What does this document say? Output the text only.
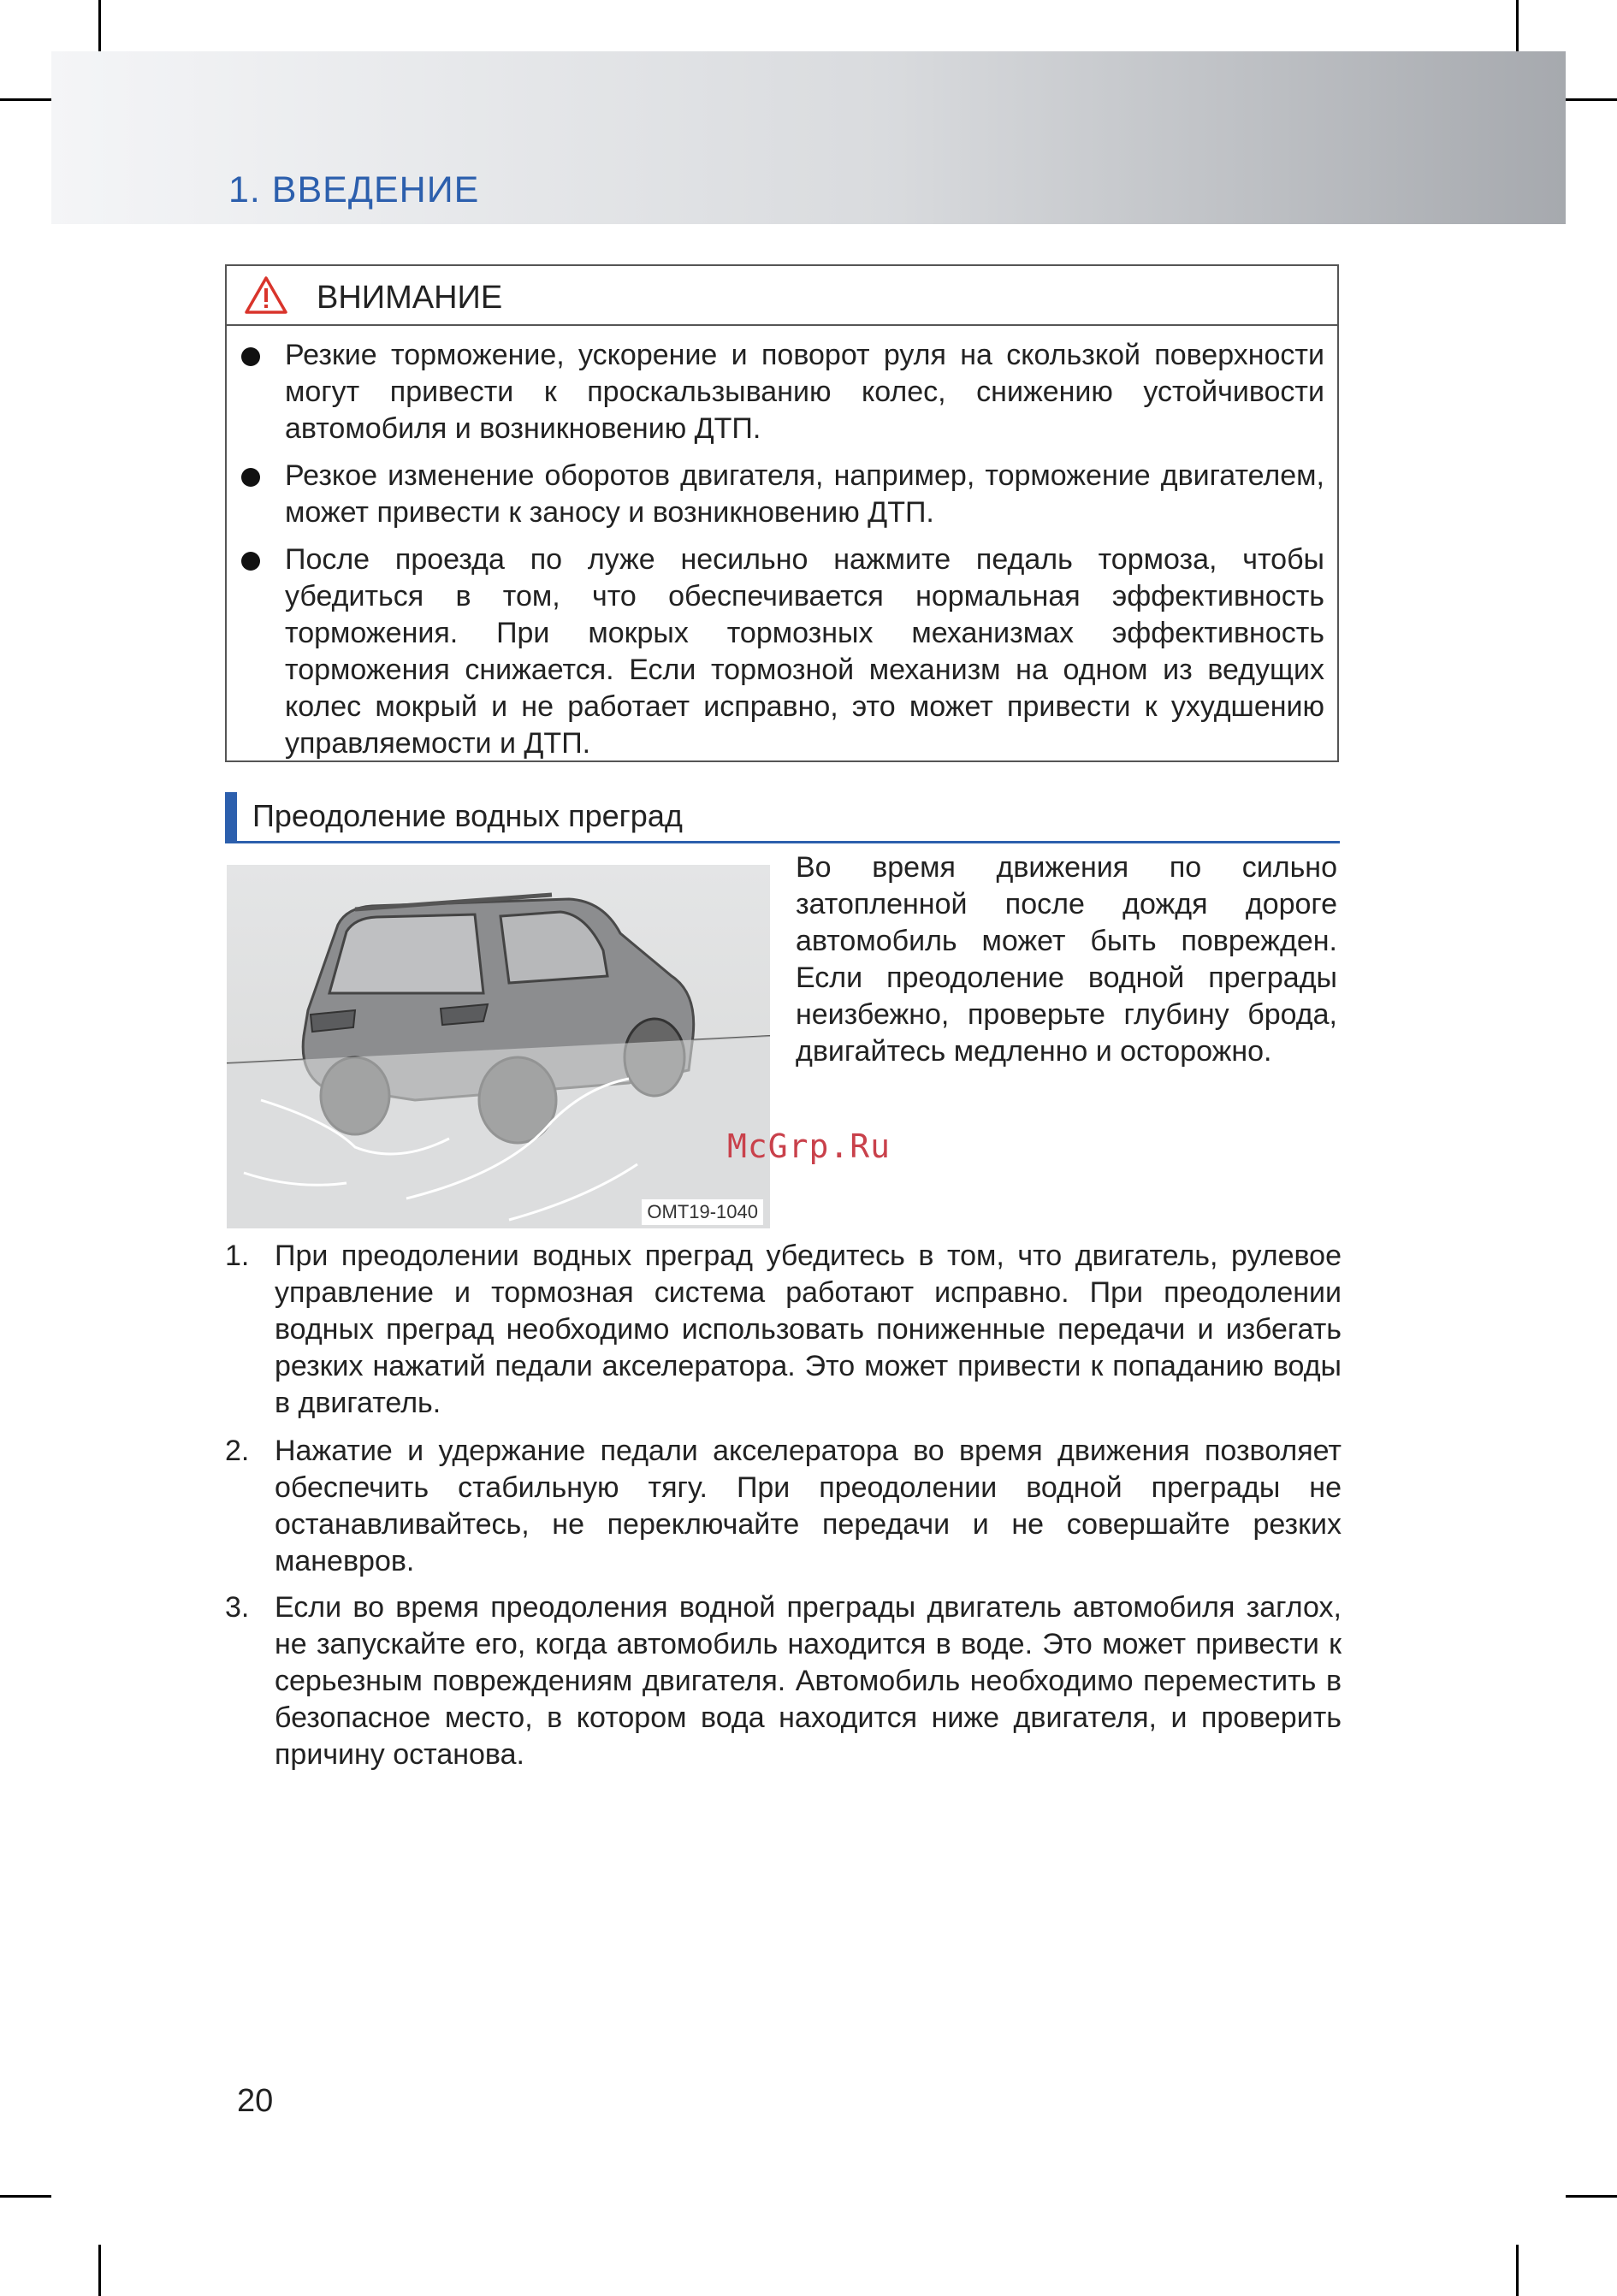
1. ВВЕДЕНИЕ
ВНИМАНИЕ
Резкие торможение, ускорение и поворот руля на скользкой поверхности могут привести к проскальзыванию колес, снижению устойчивости автомобиля и возникновению ДТП.
Резкое изменение оборотов двигателя, например, торможение двигателем, может привести к заносу и возникновению ДТП.
После проезда по луже несильно нажмите педаль тормоза, чтобы убедиться в том, что обеспечивается нормальная эффективность торможения. При мокрых тормозных механизмах эффективность торможения снижается. Если тормозной механизм на одном из ведущих колес мокрый и не работает исправно, это может привести к ухудшению управляемости и ДТП.
Преодоление водных преград
OMT19-1040
Во время движения по сильно затопленной после дождя дороге автомобиль может быть поврежден. Если преодоление водной преграды неизбежно, проверьте глубину брода, двигайтесь медленно и осторожно.
McGrp.Ru
1. При преодолении водных преград убедитесь в том, что двигатель, рулевое управление и тормозная система работают исправно. При преодолении водных преград необходимо использовать пониженные передачи и избегать резких нажатий педали акселератора. Это может привести к попаданию воды в двигатель.
2. Нажатие и удержание педали акселератора во время движения позволяет обеспечить стабильную тягу. При преодолении водной преграды не останавливайтесь, не переключайте передачи и не совершайте резких маневров.
3. Если во время преодоления водной преграды двигатель автомобиля заглох, не запускайте его, когда автомобиль находится в воде. Это может привести к серьезным повреждениям двигателя. Автомобиль необходимо переместить в безопасное место, в котором вода находится ниже двигателя, и проверить причину останова.
20
